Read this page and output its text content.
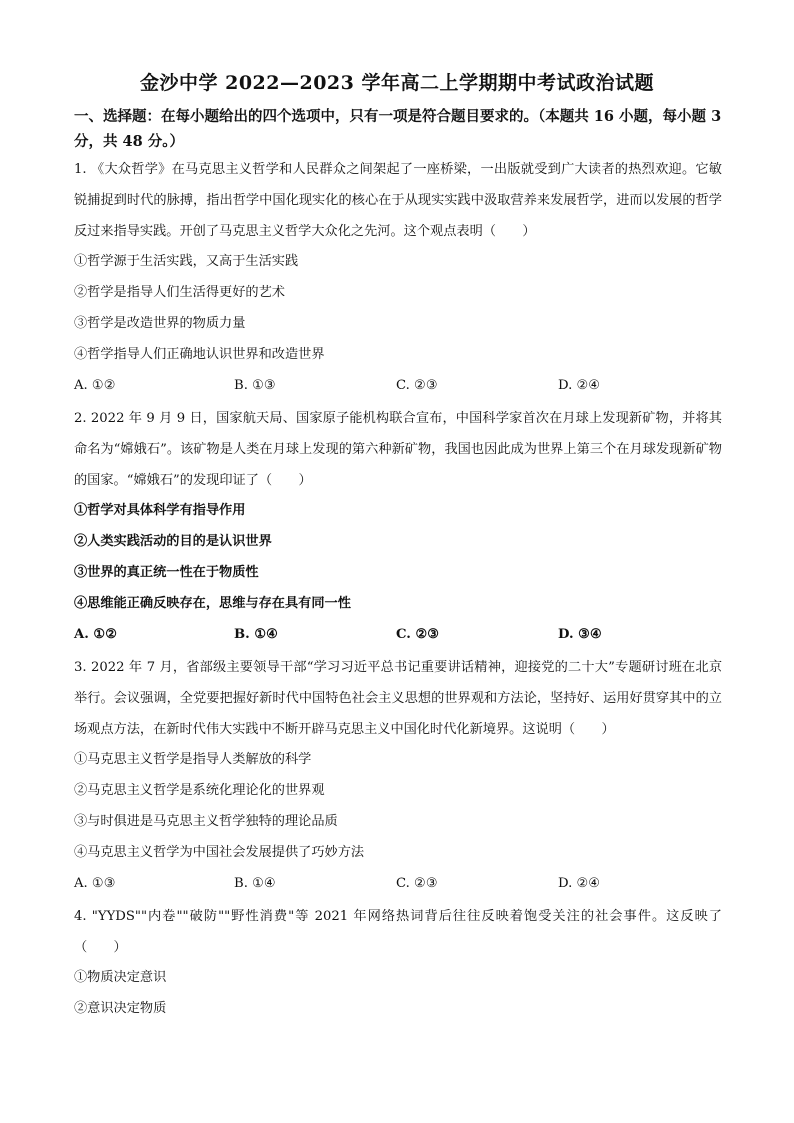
金沙中学 2022—2023 学年高二上学期期中考试政治试题
一、选择题：在每小题给出的四个选项中，只有一项是符合题目要求的。（本题共 16 小题，每小题 3 分，共 48 分。）
1. 《大众哲学》在马克思主义哲学和人民群众之间架起了一座桥梁，一出版就受到广大读者的热烈欢迎。它敏锐捕捉到时代的脉搏，指出哲学中国化现实化的核心在于从现实实践中汲取营养来发展哲学，进而以发展的哲学反过来指导实践。开创了马克思主义哲学大众化之先河。这个观点表明（　　）
①哲学源于生活实践，又高于生活实践
②哲学是指导人们生活得更好的艺术
③哲学是改造世界的物质力量
④哲学指导人们正确地认识世界和改造世界
A. ①②	B. ①③	C. ②③	D. ②④
2. 2022 年 9 月 9 日，国家航天局、国家原子能机构联合宣布，中国科学家首次在月球上发现新矿物，并将其命名为“嫦娥石”。该矿物是人类在月球上发现的第六种新矿物，我国也因此成为世界上第三个在月球发现新矿物的国家。“嫦娥石”的发现印证了（　　）
①哲学对具体科学有指导作用
②人类实践活动的目的是认识世界
③世界的真正统一性在于物质性
④思维能正确反映存在，思维与存在具有同一性
A. ①②	B. ①④	C. ②③	D. ③④
3. 2022 年 7 月，省部级主要领导干部“学习习近平总书记重要讲话精神，迎接党的二十大”专题研讨班在北京举行。会议强调，全党要把握好新时代中国特色社会主义思想的世界观和方法论，坚持好、运用好贯穿其中的立场观点方法，在新时代伟大实践中不断开辟马克思主义中国化时代化新境界。这说明（　　）
①马克思主义哲学是指导人类解放的科学
②马克思主义哲学是系统化理论化的世界观
③与时俱进是马克思主义哲学独特的理论品质
④马克思主义哲学为中国社会发展提供了巧妙方法
A. ①③	B. ①④	C. ②③	D. ②④
4. "YYDS""内卷""破防""野性消费"等 2021 年网络热词背后往往反映着饱受关注的社会事件。这反映了（　　）
①物质决定意识
②意识决定物质
